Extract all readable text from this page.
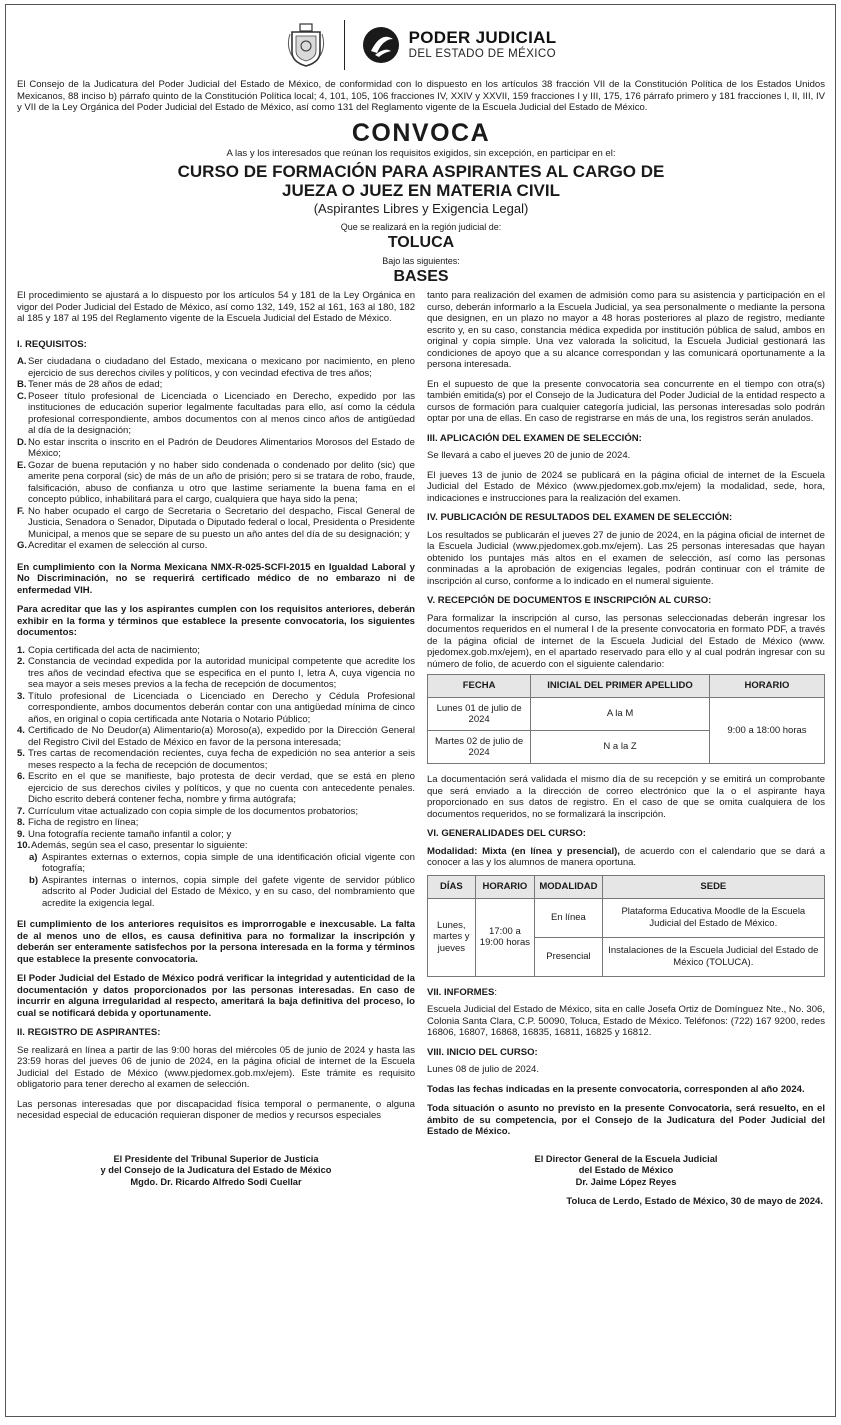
PODER JUDICIAL
DEL ESTADO DE MÉXICO

El Consejo de la Judicatura del Poder Judicial del Estado de México, de conformidad con lo dispuesto en los artículos 38 fracción VII de la Constitución Política de los Estados Unidos Mexicanos, 88 inciso b) párrafo quinto de la Constitución Política local; 4, 101, 105, 106 fracciones IV, XXIV y XXVII, 159 fracciones I y III, 175, 176 párrafo primero y 181 fracciones I, II, III, IV y VII de la Ley Orgánica del Poder Judicial del Estado de México, así como 131 del Reglamento vigente de la Escuela Judicial del Estado de México.

CONVOCA
A las y los interesados que reúnan los requisitos exigidos, sin excepción, en participar en el:
CURSO DE FORMACIÓN PARA ASPIRANTES AL CARGO DE
JUEZA O JUEZ EN MATERIA CIVIL
(Aspirantes Libres y Exigencia Legal)
Que se realizará en la región judicial de:
TOLUCA
Bajo las siguientes:
BASES

El procedimiento se ajustará a lo dispuesto por los artículos 54 y 181 de la Ley Orgánica en vigor del Poder Judicial del Estado de México, así como 132, 149, 152 al 161, 163 al 180, 182 al 185 y 187 al 195 del Reglamento vigente de la Escuela Judicial del Estado de México.

I. REQUISITOS:
A. Ser ciudadana o ciudadano del Estado, mexicana o mexicano por nacimiento, en pleno ejercicio de sus derechos civiles y políticos, y con vecindad efectiva de tres años;
B. Tener más de 28 años de edad;
C. Poseer título profesional de Licenciada o Licenciado en Derecho, expedido por las instituciones de educación superior legalmente facultadas para ello, así como la cédula profesional correspondiente, ambos documentos con al menos cinco años de antigüedad al día de la designación;
D. No estar inscrita o inscrito en el Padrón de Deudores Alimentarios Morosos del Estado de México;
E. Gozar de buena reputación y no haber sido condenada o condenado por delito (sic) que amerite pena corporal (sic) de más de un año de prisión; pero si se tratara de robo, fraude, falsificación, abuso de confianza u otro que lastime seriamente la buena fama en el concepto público, inhabilitará para el cargo, cualquiera que haya sido la pena;
F. No haber ocupado el cargo de Secretaria o Secretario del despacho, Fiscal General de Justicia, Senadora o Senador, Diputada o Diputado federal o local, Presidenta o Presidente Municipal, a menos que se separe de su puesto un año antes del día de su designación; y
G. Acreditar el examen de selección al curso.

En cumplimiento con la Norma Mexicana NMX-R-025-SCFI-2015 en Igualdad Laboral y No Discriminación, no se requerirá certificado médico de no embarazo ni de enfermedad VIH.

Para acreditar que las y los aspirantes cumplen con los requisitos anteriores, deberán exhibir en la forma y términos que establece la presente convocatoria, los siguientes documentos:

1. Copia certificada del acta de nacimiento;
2. Constancia de vecindad expedida por la autoridad municipal competente que acredite los tres años de vecindad efectiva que se especifica en el punto I, letra A, cuya vigencia no sea mayor a seis meses previos a la fecha de recepción de documentos;
3. Título profesional de Licenciada o Licenciado en Derecho y Cédula Profesional correspondiente, ambos documentos deberán contar con una antigüedad mínima de cinco años, en original o copia certificada ante Notaria o Notario Público;
4. Certificado de No Deudor(a) Alimentario(a) Moroso(a), expedido por la Dirección General del Registro Civil del Estado de México en favor de la persona interesada;
5. Tres cartas de recomendación recientes, cuya fecha de expedición no sea anterior a seis meses respecto a la fecha de recepción de documentos;
6. Escrito en el que se manifieste, bajo protesta de decir verdad, que se está en pleno ejercicio de sus derechos civiles y políticos, y que no cuenta con antecedente penales. Dicho escrito deberá contener fecha, nombre y firma autógrafa;
7. Currículum vitae actualizado con copia simple de los documentos probatorios;
8. Ficha de registro en línea;
9. Una fotografía reciente tamaño infantil a color; y
10. Además, según sea el caso, presentar lo siguiente:
a) Aspirantes externas o externos, copia simple de una identificación oficial vigente con fotografía;
b) Aspirantes internas o internos, copia simple del gafete vigente de servidor público adscrito al Poder Judicial del Estado de México, y en su caso, del nombramiento que acredite la exigencia legal.

El cumplimiento de los anteriores requisitos es improrrogable e inexcusable. La falta de al menos uno de ellos, es causa definitiva para no formalizar la inscripción y deberán ser enteramente satisfechos por la persona interesada en la forma y términos que establece la presente convocatoria.

El Poder Judicial del Estado de México podrá verificar la integridad y autenticidad de la documentación y datos proporcionados por las personas interesadas. En caso de incurrir en alguna irregularidad al respecto, ameritará la baja definitiva del proceso, lo cual se notificará debida y oportunamente.

II. REGISTRO DE ASPIRANTES:

Se realizará en línea a partir de las 9:00 horas del miércoles 05 de junio de 2024 y hasta las 23:59 horas del jueves 06 de junio de 2024, en la página oficial de internet de la Escuela Judicial del Estado de México (www.pjedomex.gob.mx/ejem). Este trámite es requisito obligatorio para tener derecho al examen de selección.

Las personas interesadas que por discapacidad física temporal o permanente, o alguna necesidad especial de educación requieran disponer de medios y recursos especiales

tanto para realización del examen de admisión como para su asistencia y participación en el curso, deberán informarlo a la Escuela Judicial, ya sea personalmente o mediante la persona que designen, en un plazo no mayor a 48 horas posteriores al plazo de registro, mediante escrito y, en su caso, constancia médica expedida por institución pública de salud, ambos en original y copia simple. Una vez valorada la solicitud, la Escuela Judicial gestionará las condiciones de apoyo que a su alcance correspondan y las comunicará oportunamente a la persona interesada.

En el supuesto de que la presente convocatoria sea concurrente en el tiempo con otra(s) también emitida(s) por el Consejo de la Judicatura del Poder Judicial de la entidad respecto a cursos de formación para cualquier categoría judicial, las personas interesadas solo podrán optar por una de ellas. En caso de registrarse en más de una, los registros serán anulados.

III. APLICACIÓN DEL EXAMEN DE SELECCIÓN:

Se llevará a cabo el jueves 20 de junio de 2024.

El jueves 13 de junio de 2024 se publicará en la página oficial de internet de la Escuela Judicial del Estado de México (www.pjedomex.gob.mx/ejem) la modalidad, sede, hora, indicaciones e instrucciones para la realización del examen.

IV. PUBLICACIÓN DE RESULTADOS DEL EXAMEN DE SELECCIÓN:

Los resultados se publicarán el jueves 27 de junio de 2024, en la página oficial de internet de la Escuela Judicial (www.pjedomex.gob.mx/ejem). Las 25 personas interesadas que hayan obtenido los puntajes más altos en el examen de selección, así como las personas conminadas a la aprobación de exigencias legales, podrán continuar con el trámite de inscripción al curso, conforme a lo indicado en el numeral siguiente.

V. RECEPCIÓN DE DOCUMENTOS E INSCRIPCIÓN AL CURSO:

Para formalizar la inscripción al curso, las personas seleccionadas deberán ingresar los documentos requeridos en el numeral I de la presente convocatoria en formato PDF, a través de la página oficial de internet de la Escuela Judicial del Estado de México (www. pjedomex.gob.mx/ejem), en el apartado reservado para ello y al cual podrán ingresar con su número de folio, de acuerdo con el siguiente calendario:

FECHA	INICIAL DEL PRIMER APELLIDO	HORARIO
Lunes 01 de julio de 2024	A la M	9:00 a 18:00 horas
Martes 02 de julio de 2024	N a la Z	

La documentación será validada el mismo día de su recepción y se emitirá un comprobante que será enviado a la dirección de correo electrónico que la o el aspirante haya proporcionado en sus datos de registro. En el caso de que se omita cualquiera de los documentos requeridos, no se formalizará la inscripción.

VI. GENERALIDADES DEL CURSO:

Modalidad: Mixta (en línea y presencial), de acuerdo con el calendario que se dará a conocer a las y los alumnos de manera oportuna.

DÍAS	HORARIO	MODALIDAD	SEDE
Lunes, martes y jueves	17:00 a 19:00 horas	En línea	Plataforma Educativa Moodle de la Escuela Judicial del Estado de México.
		Presencial	Instalaciones de la Escuela Judicial del Estado de México (TOLUCA).
VII. INFORMES:

Escuela Judicial del Estado de México, sita en calle Josefa Ortiz de Domínguez Nte., No. 306, Colonia Santa Clara, C.P. 50090, Toluca, Estado de México. Teléfonos: (722) 167 9200, redes 16806, 16807, 16868, 16835, 16811, 16825 y 16812.

VIII. INICIO DEL CURSO:

Lunes 08 de julio de 2024.

Todas las fechas indicadas en la presente convocatoria, corresponden al año 2024.

Toda situación o asunto no previsto en la presente Convocatoria, será resuelto, en el ámbito de su competencia, por el Consejo de la Judicatura del Poder Judicial del Estado de México.

El Presidente del Tribunal Superior de Justicia
y del Consejo de la Judicatura del Estado de México
Mgdo. Dr. Ricardo Alfredo Sodi Cuellar
El Director General de la Escuela Judicial
del Estado de México
Dr. Jaime López Reyes
Toluca de Lerdo, Estado de México, 30 de mayo de 2024.
